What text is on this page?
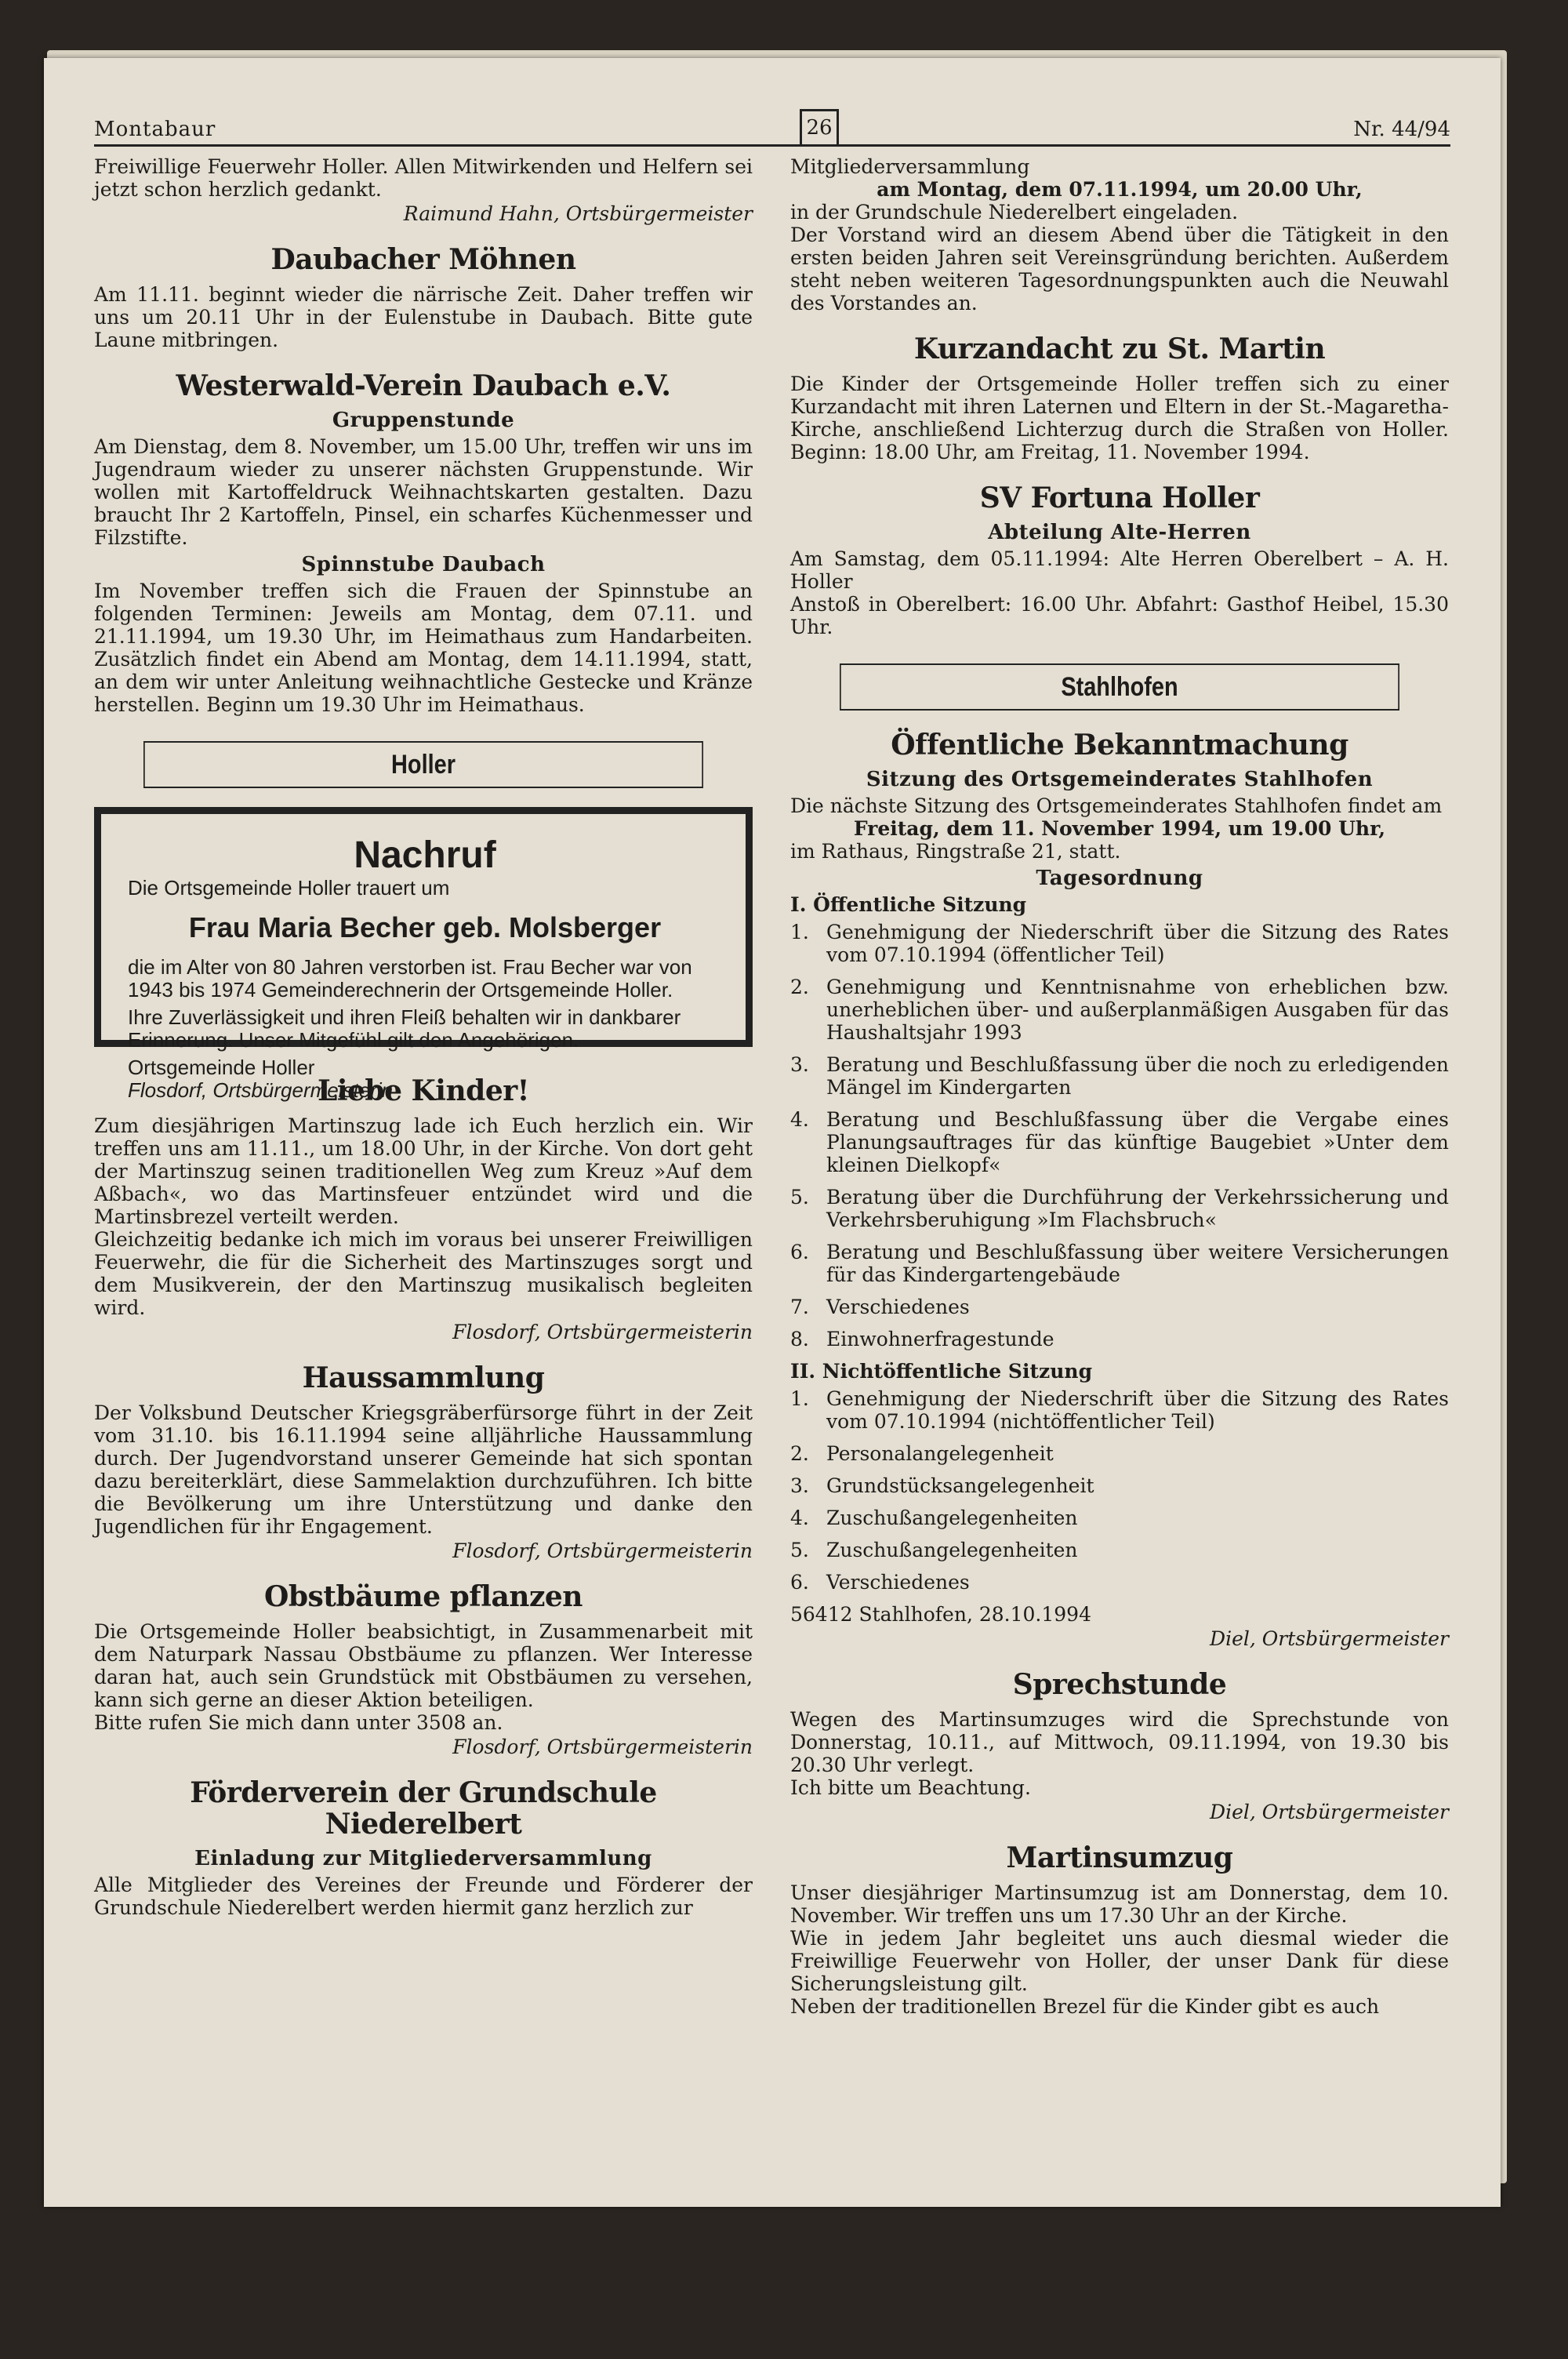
Montabaur	26	Nr. 44/94

Freiwillige Feuerwehr Holler. Allen Mitwirkenden und Helfern sei jetzt schon herzlich gedankt.

Raimund Hahn, Ortsbürgermeister

Daubacher Möhnen

Am 11.11. beginnt wieder die närrische Zeit. Daher treffen wir uns um 20.11 Uhr in der Eulenstube in Daubach. Bitte gute Laune mitbringen.

Westerwald-Verein Daubach e.V.
Gruppenstunde

Am Dienstag, dem 8. November, um 15.00 Uhr, treffen wir uns im Jugendraum wieder zu unserer nächsten Gruppenstunde. Wir wollen mit Kartoffeldruck Weihnachtskarten gestalten. Dazu braucht Ihr 2 Kartoffeln, Pinsel, ein scharfes Küchenmesser und Filzstifte.

Spinnstube Daubach

Im November treffen sich die Frauen der Spinnstube an folgenden Terminen: Jeweils am Montag, dem 07.11. und 21.11.1994, um 19.30 Uhr, im Heimathaus zum Handarbeiten. Zusätzlich findet ein Abend am Montag, dem 14.11.1994, statt, an dem wir unter Anleitung weihnachtliche Gestecke und Kränze herstellen. Beginn um 19.30 Uhr im Heimathaus.

Holler
Nachruf
Die Ortsgemeinde Holler trauert um
Frau Maria Becher geb. Molsberger
die im Alter von 80 Jahren verstorben ist. Frau Becher war von 1943 bis 1974 Gemeinderechnerin der Ortsgemeinde Holler.
Ihre Zuverlässigkeit und ihren Fleiß behalten wir in dankbarer Erinnerung. Unser Mitgefühl gilt den Angehörigen.
Ortsgemeinde Holler
Flosdorf, Ortsbürgermeisterin
Liebe Kinder!

Zum diesjährigen Martinszug lade ich Euch herzlich ein. Wir treffen uns am 11.11., um 18.00 Uhr, in der Kirche. Von dort geht der Martinszug seinen traditionellen Weg zum Kreuz »Auf dem Aßbach«, wo das Martinsfeuer entzündet wird und die Martinsbrezel verteilt werden.

Gleichzeitig bedanke ich mich im voraus bei unserer Freiwilligen Feuerwehr, die für die Sicherheit des Martinszuges sorgt und dem Musikverein, der den Martinszug musikalisch begleiten wird.

Flosdorf, Ortsbürgermeisterin

Haussammlung

Der Volksbund Deutscher Kriegsgräberfürsorge führt in der Zeit vom 31.10. bis 16.11.1994 seine alljährliche Haussammlung durch. Der Jugendvorstand unserer Gemeinde hat sich spontan dazu bereiterklärt, diese Sammelaktion durchzuführen. Ich bitte die Bevölkerung um ihre Unterstützung und danke den Jugendlichen für ihr Engagement.

Flosdorf, Ortsbürgermeisterin

Obstbäume pflanzen

Die Ortsgemeinde Holler beabsichtigt, in Zusammenarbeit mit dem Naturpark Nassau Obstbäume zu pflanzen. Wer Interesse daran hat, auch sein Grundstück mit Obstbäumen zu versehen, kann sich gerne an dieser Aktion beteiligen.

Bitte rufen Sie mich dann unter 3508 an.

Flosdorf, Ortsbürgermeisterin

Förderverein der Grundschule Niederelbert
Einladung zur Mitgliederversammlung

Alle Mitglieder des Vereines der Freunde und Förderer der Grundschule Niederelbert werden hiermit ganz herzlich zur

Mitgliederversammlung

am Montag, dem 07.11.1994, um 20.00 Uhr,

in der Grundschule Niederelbert eingeladen.

Der Vorstand wird an diesem Abend über die Tätigkeit in den ersten beiden Jahren seit Vereinsgründung berichten. Außerdem steht neben weiteren Tagesordnungspunkten auch die Neuwahl des Vorstandes an.

Kurzandacht zu St. Martin

Die Kinder der Ortsgemeinde Holler treffen sich zu einer Kurzandacht mit ihren Laternen und Eltern in der St.-Magaretha-Kirche, anschließend Lichterzug durch die Straßen von Holler. Beginn: 18.00 Uhr, am Freitag, 11. November 1994.

SV Fortuna Holler
Abteilung Alte-Herren

Am Samstag, dem 05.11.1994: Alte Herren Oberelbert – A. H. Holler

Anstoß in Oberelbert: 16.00 Uhr. Abfahrt: Gasthof Heibel, 15.30 Uhr.

Stahlhofen
Öffentliche Bekanntmachung
Sitzung des Ortsgemeinderates Stahlhofen

Die nächste Sitzung des Ortsgemeinderates Stahlhofen findet am

Freitag, dem 11. November 1994, um 19.00 Uhr,

im Rathaus, Ringstraße 21, statt.

Tagesordnung
I. Öffentliche Sitzung
1. Genehmigung der Niederschrift über die Sitzung des Rates vom 07.10.1994 (öffentlicher Teil)
2. Genehmigung und Kenntnisnahme von erheblichen bzw. unerheblichen über- und außerplanmäßigen Ausgaben für das Haushaltsjahr 1993
3. Beratung und Beschlußfassung über die noch zu erledigenden Mängel im Kindergarten
4. Beratung und Beschlußfassung über die Vergabe eines Planungsauftrages für das künftige Baugebiet »Unter dem kleinen Dielkopf«
5. Beratung über die Durchführung der Verkehrssicherung und Verkehrsberuhigung »Im Flachsbruch«
6. Beratung und Beschlußfassung über weitere Versicherungen für das Kindergartengebäude
7. Verschiedenes
8. Einwohnerfragestunde
II. Nichtöffentliche Sitzung
1. Genehmigung der Niederschrift über die Sitzung des Rates vom 07.10.1994 (nichtöffentlicher Teil)
2. Personalangelegenheit
3. Grundstücksangelegenheit
4. Zuschußangelegenheiten
5. Zuschußangelegenheiten
6. Verschiedenes

56412 Stahlhofen, 28.10.1994

Diel, Ortsbürgermeister

Sprechstunde

Wegen des Martinsumzuges wird die Sprechstunde von Donnerstag, 10.11., auf Mittwoch, 09.11.1994, von 19.30 bis 20.30 Uhr verlegt.

Ich bitte um Beachtung.

Diel, Ortsbürgermeister

Martinsumzug

Unser diesjähriger Martinsumzug ist am Donnerstag, dem 10. November. Wir treffen uns um 17.30 Uhr an der Kirche.

Wie in jedem Jahr begleitet uns auch diesmal wieder die Freiwillige Feuerwehr von Holler, der unser Dank für diese Sicherungsleistung gilt.

Neben der traditionellen Brezel für die Kinder gibt es auch
